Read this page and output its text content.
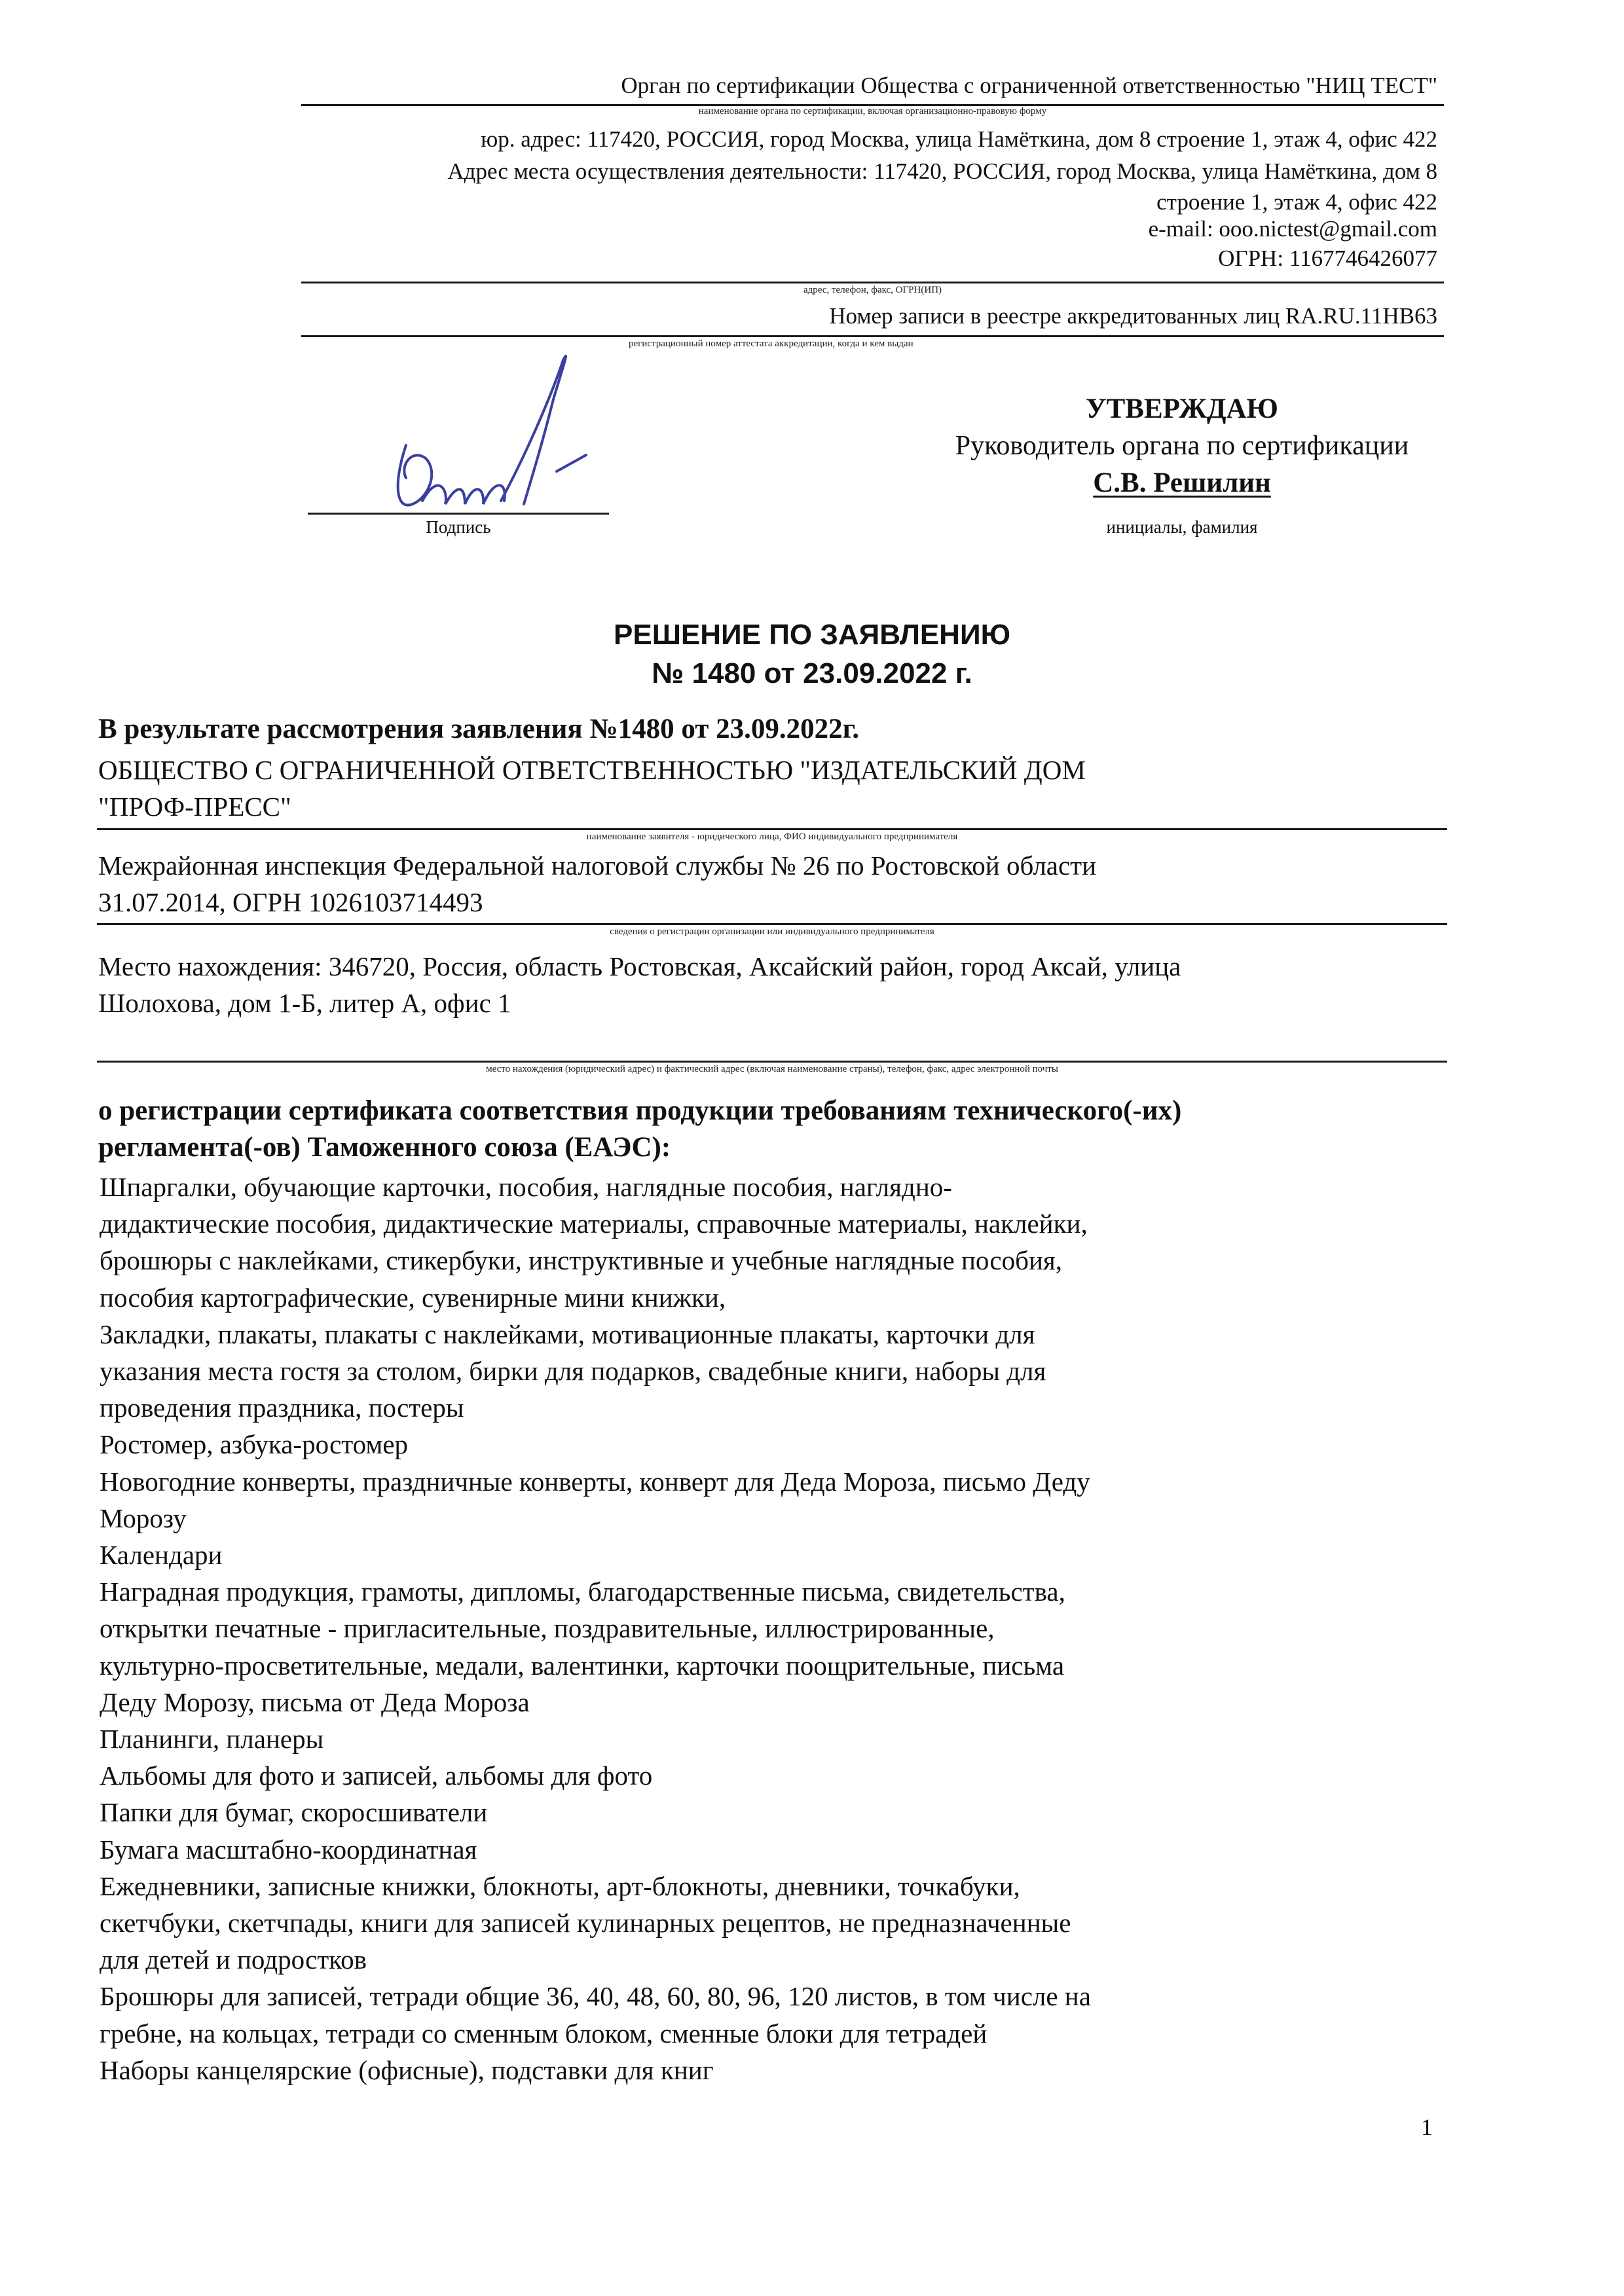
Орган по сертификации Общества с ограниченной ответственностью "НИЦ ТЕСТ"
наименование органа по сертификации, включая организационно-правовую форму
юр. адрес: 117420, РОССИЯ, город Москва, улица Намёткина, дом 8 строение 1, этаж 4, офис 422
Адрес места осуществления деятельности: 117420, РОССИЯ, город Москва, улица Намёткина, дом 8
строение 1, этаж 4, офис 422
e-mail: ooo.nictest@gmail.com
ОГРН: 1167746426077
адрес, телефон, факс, ОГРН(ИП)
Номер записи в реестре аккредитованных лиц RA.RU.11HB63
регистрационный номер аттестата аккредитации, когда и кем выдан
Подпись
УТВЕРЖДАЮ
Руководитель органа по сертификации
С.В. Решилин
инициалы, фамилия
РЕШЕНИЕ ПО ЗАЯВЛЕНИЮ
№ 1480 от 23.09.2022 г.
В результате рассмотрения заявления №1480 от 23.09.2022г.
ОБЩЕСТВО С ОГРАНИЧЕННОЙ ОТВЕТСТВЕННОСТЬЮ "ИЗДАТЕЛЬСКИЙ ДОМ
"ПРОФ-ПРЕСС"
наименование заявителя - юридического лица, ФИО индивидуального предпринимателя
Межрайонная инспекция Федеральной налоговой службы № 26 по Ростовской области
31.07.2014, ОГРН 1026103714493
сведения о регистрации организации или индивидуального предпринимателя
Место нахождения: 346720, Россия, область Ростовская, Аксайский район, город Аксай, улица
Шолохова, дом 1-Б, литер А, офис 1
место нахождения (юридический адрес) и фактический адрес (включая наименование страны), телефон, факс, адрес электронной почты
о регистрации сертификата соответствия продукции требованиям технического(-их)
регламента(-ов) Таможенного союза (ЕАЭС):
Шпаргалки, обучающие карточки, пособия, наглядные пособия, наглядно-
дидактические пособия, дидактические материалы, справочные материалы, наклейки,
брошюры с наклейками, стикербуки, инструктивные и учебные наглядные пособия,
пособия картографические, сувенирные мини книжки,
Закладки, плакаты, плакаты с наклейками, мотивационные плакаты, карточки для
указания места гостя за столом, бирки для подарков, свадебные книги, наборы для
проведения праздника, постеры
Ростомер, азбука-ростомер
Новогодние конверты, праздничные конверты, конверт для Деда Мороза, письмо Деду
Морозу
Календари
Наградная продукция, грамоты, дипломы, благодарственные письма, свидетельства,
открытки печатные - пригласительные, поздравительные, иллюстрированные,
культурно-просветительные, медали, валентинки, карточки поощрительные, письма
Деду Морозу, письма от Деда Мороза
Планинги, планеры
Альбомы для фото и записей, альбомы для фото
Папки для бумаг, скоросшиватели
Бумага масштабно-координатная
Ежедневники, записные книжки, блокноты, арт-блокноты, дневники, точкабуки,
скетчбуки, скетчпады, книги для записей кулинарных рецептов, не предназначенные
для детей и подростков
Брошюры для записей, тетради общие 36, 40, 48, 60, 80, 96, 120 листов, в том числе на
гребне, на кольцах, тетради со сменным блоком, сменные блоки для тетрадей
Наборы канцелярские (офисные), подставки для книг
1
